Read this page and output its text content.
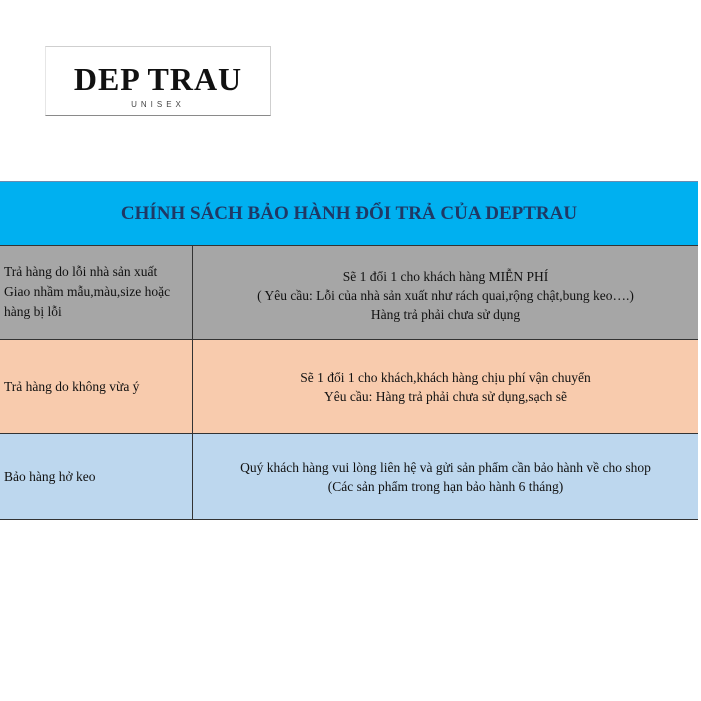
DEP TRAU
UNISEX
CHÍNH SÁCH BẢO HÀNH ĐỔI TRẢ CỦA DEPTRAU
Trả hàng do lỗi nhà sản xuất
Giao nhầm mẫu,màu,size hoặc
hàng bị lỗi
Sẽ 1 đổi 1 cho khách hàng MIỄN PHÍ
( Yêu cầu: Lỗi của nhà sản xuất như rách quai,rộng chật,bung keo….)
Hàng trả phải chưa sử dụng
Trả hàng do không vừa ý
Sẽ 1 đổi 1 cho khách,khách hàng chịu phí vận chuyển
Yêu cầu: Hàng trả phải chưa sử dụng,sạch sẽ
Bảo hàng hở keo
Quý khách hàng vui lòng liên hệ và gửi sản phẩm cần bảo hành về cho shop
(Các sản phẩm trong hạn bảo hành 6 tháng)
